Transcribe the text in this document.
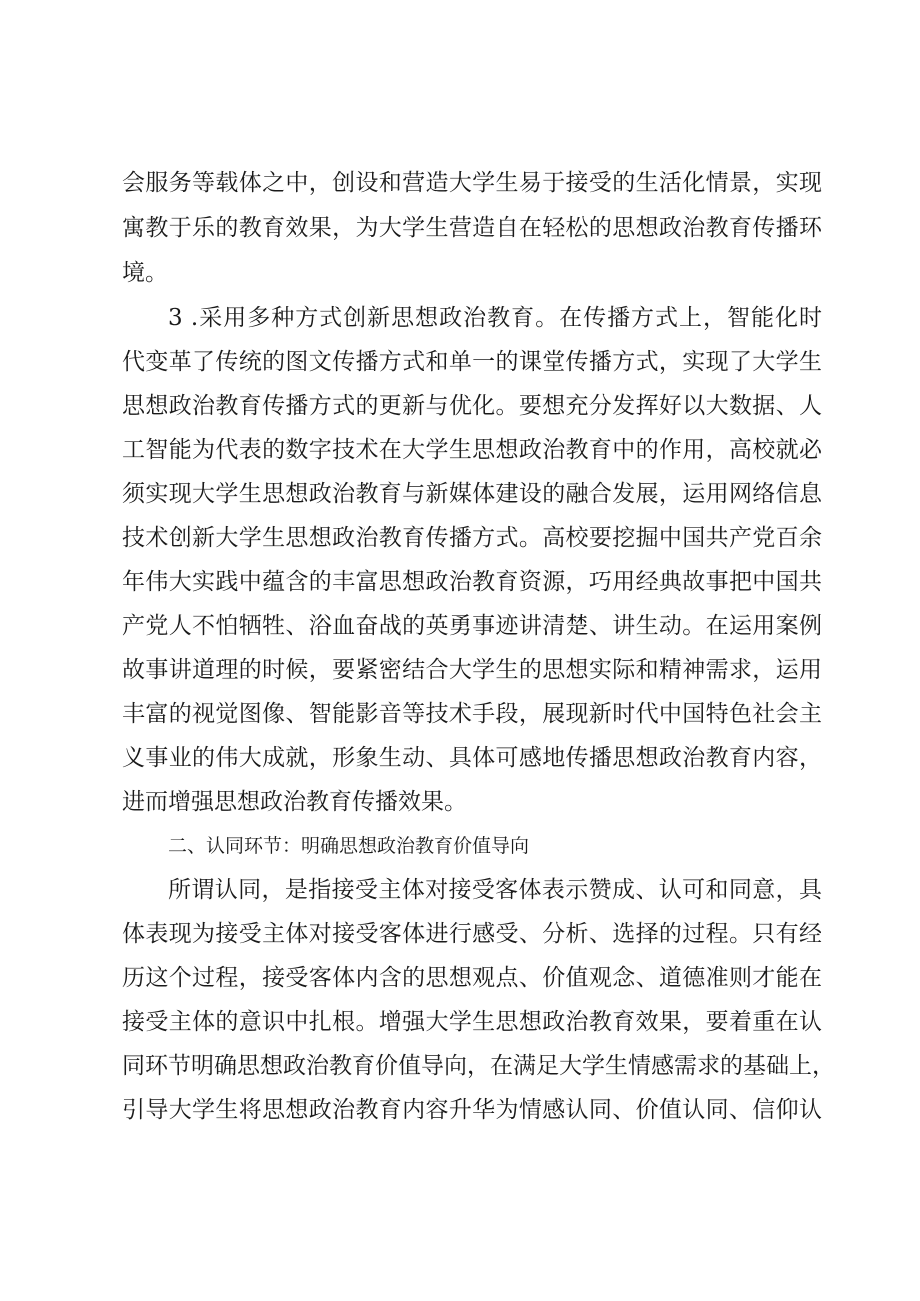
会服务等载体之中，创设和营造大学生易于接受的生活化情景，实现
寓教于乐的教育效果，为大学生营造自在轻松的思想政治教育传播环
境。
3 .采用多种方式创新思想政治教育。在传播方式上，智能化时
代变革了传统的图文传播方式和单一的课堂传播方式，实现了大学生
思想政治教育传播方式的更新与优化。要想充分发挥好以大数据、人
工智能为代表的数字技术在大学生思想政治教育中的作用，高校就必
须实现大学生思想政治教育与新媒体建设的融合发展，运用网络信息
技术创新大学生思想政治教育传播方式。高校要挖掘中国共产党百余
年伟大实践中蕴含的丰富思想政治教育资源，巧用经典故事把中国共
产党人不怕牺牲、浴血奋战的英勇事迹讲清楚、讲生动。在运用案例
故事讲道理的时候，要紧密结合大学生的思想实际和精神需求，运用
丰富的视觉图像、智能影音等技术手段，展现新时代中国特色社会主
义事业的伟大成就，形象生动、具体可感地传播思想政治教育内容，
进而增强思想政治教育传播效果。
二、认同环节：明确思想政治教育价值导向
所谓认同，是指接受主体对接受客体表示赞成、认可和同意，具
体表现为接受主体对接受客体进行感受、分析、选择的过程。只有经
历这个过程，接受客体内含的思想观点、价值观念、道德准则才能在
接受主体的意识中扎根。增强大学生思想政治教育效果，要着重在认
同环节明确思想政治教育价值导向，在满足大学生情感需求的基础上，
引导大学生将思想政治教育内容升华为情感认同、价值认同、信仰认
